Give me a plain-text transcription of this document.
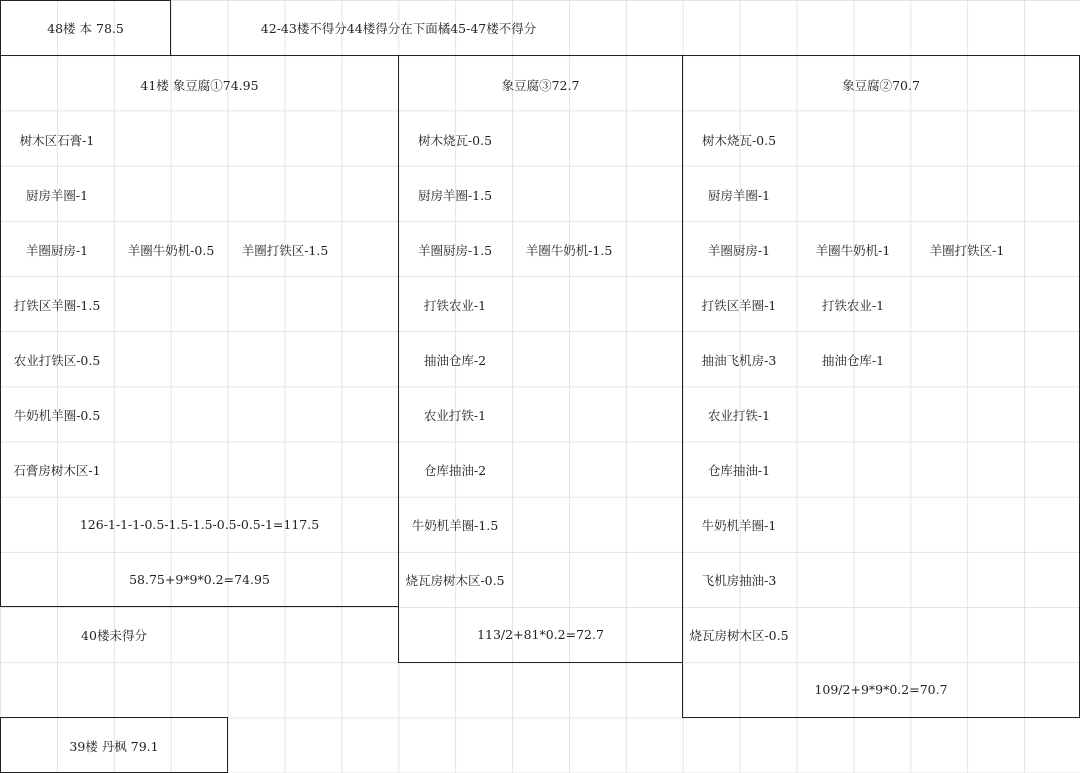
48楼 本 78.5	42-43楼不得分44楼得分在下面橘45-47楼不得分
41楼 象豆腐①74.95
树木区石膏-1
厨房羊圈-1
羊圈厨房-1	羊圈牛奶机-0.5	羊圈打铁区-1.5
打铁区羊圈-1.5
农业打铁区-0.5
牛奶机羊圈-0.5
石膏房树木区-1
126-1-1-1-0.5-1.5-1.5-0.5-0.5-1=117.5
58.75+9*9*0.2=74.95
40楼未得分
39楼 丹枫 79.1
象豆腐③72.7
树木烧瓦-0.5
厨房羊圈-1.5
羊圈厨房-1.5	羊圈牛奶机-1.5
打铁农业-1
抽油仓库-2
农业打铁-1
仓库抽油-2
牛奶机羊圈-1.5
烧瓦房树木区-0.5
113/2+81*0.2=72.7
象豆腐②70.7
树木烧瓦-0.5
厨房羊圈-1
羊圈厨房-1	羊圈牛奶机-1	羊圈打铁区-1
打铁区羊圈-1	打铁农业-1
抽油飞机房-3	抽油仓库-1
农业打铁-1
仓库抽油-1
牛奶机羊圈-1
飞机房抽油-3
烧瓦房树木区-0.5
109/2+9*9*0.2=70.7
